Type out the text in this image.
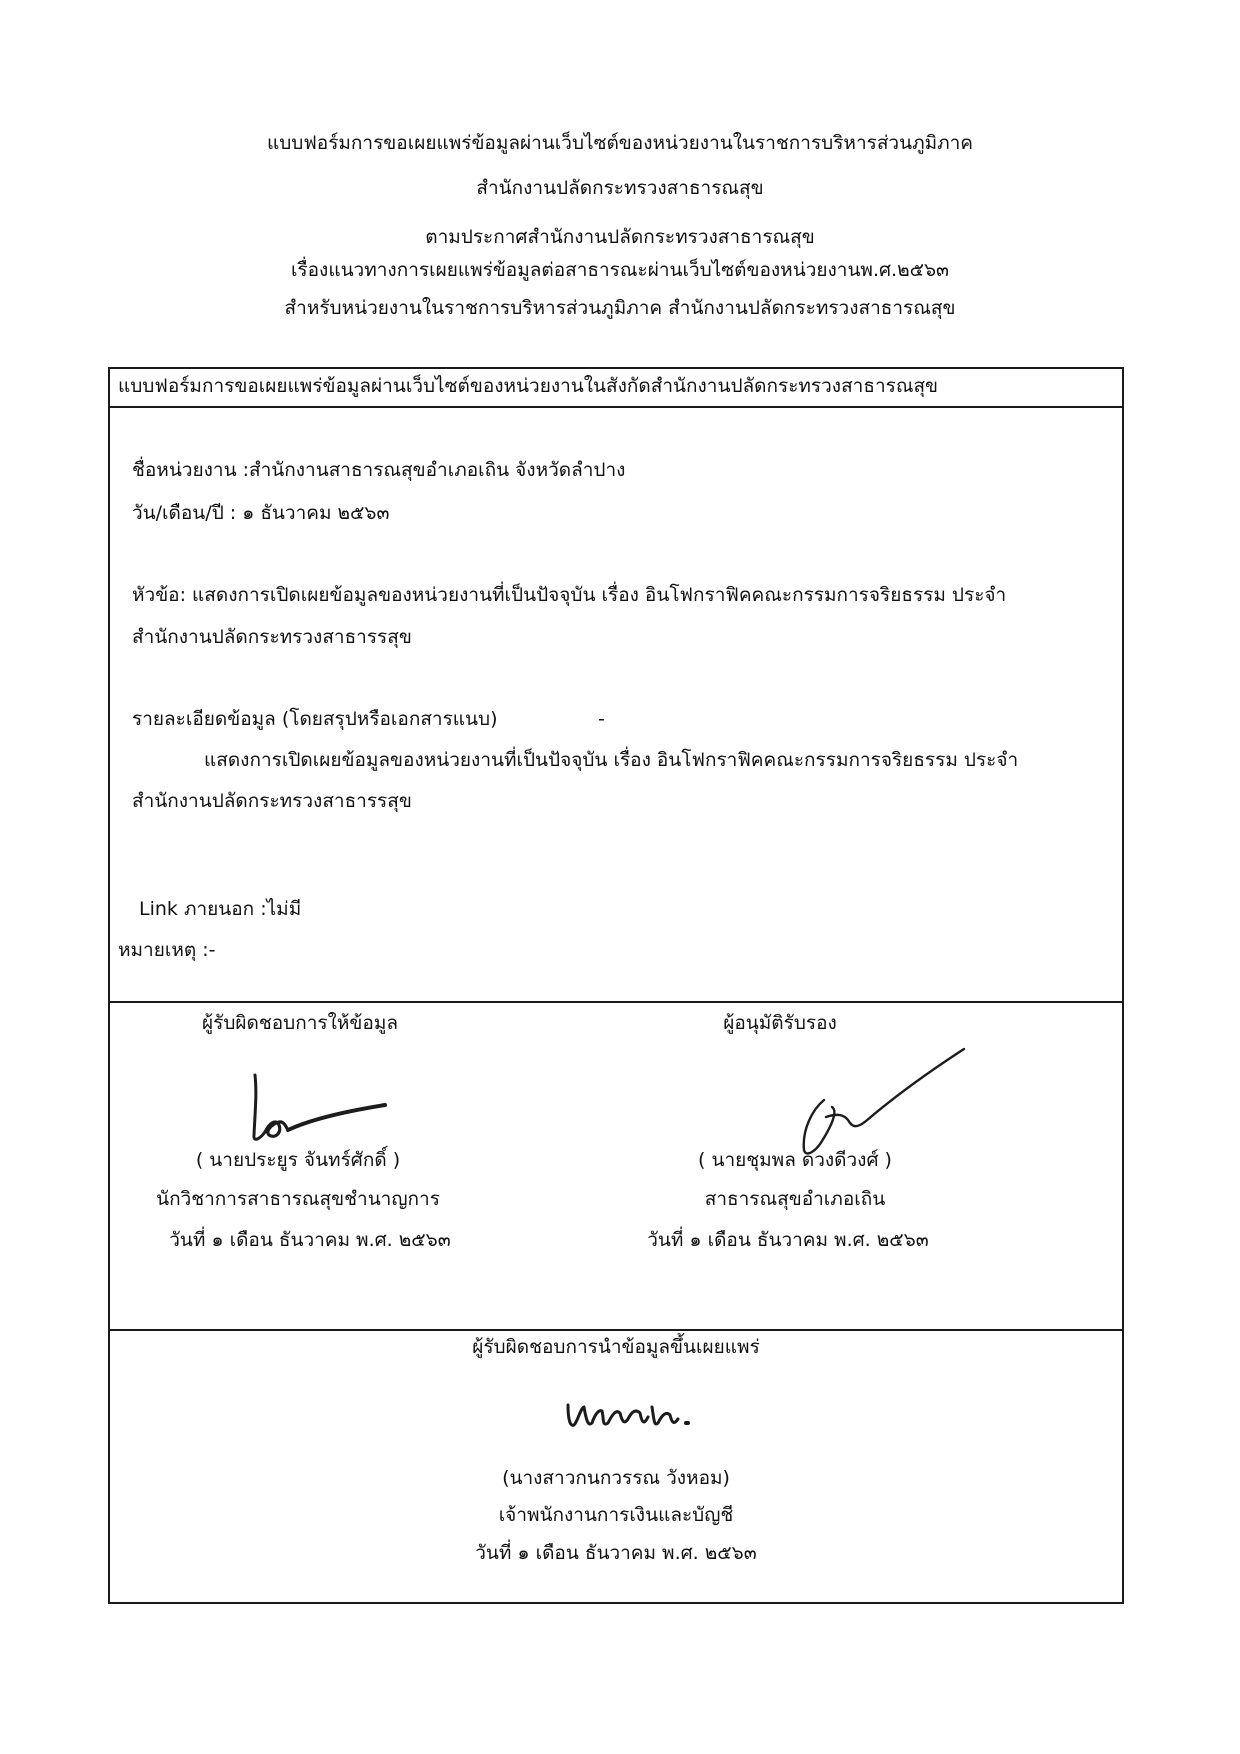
แบบฟอร์มการขอเผยแพร่ข้อมูลผ่านเว็บไซต์ของหน่วยงานในราชการบริหารส่วนภูมิภาค
สำนักงานปลัดกระทรวงสาธารณสุข
ตามประกาศสำนักงานปลัดกระทรวงสาธารณสุข
เรื่องแนวทางการเผยแพร่ข้อมูลต่อสาธารณะผ่านเว็บไซต์ของหน่วยงานพ.ศ.๒๕๖๓
สำหรับหน่วยงานในราชการบริหารส่วนภูมิภาค สำนักงานปลัดกระทรวงสาธารณสุข
แบบฟอร์มการขอเผยแพร่ข้อมูลผ่านเว็บไซต์ของหน่วยงานในสังกัดสำนักงานปลัดกระทรวงสาธารณสุข
ชื่อหน่วยงาน :สำนักงานสาธารณสุขอำเภอเถิน จังหวัดลำปาง
วัน/เดือน/ปี : ๑ ธันวาคม ๒๕๖๓
หัวข้อ: แสดงการเปิดเผยข้อมูลของหน่วยงานที่เป็นปัจจุบัน เรื่อง อินโฟกราฟิคคณะกรรมการจริยธรรม ประจำ
สำนักงานปลัดกระทรวงสาธารรสุข
รายละเอียดข้อมูล (โดยสรุปหรือเอกสารแนบ)	-
แสดงการเปิดเผยข้อมูลของหน่วยงานที่เป็นปัจจุบัน เรื่อง อินโฟกราฟิคคณะกรรมการจริยธรรม ประจำ
สำนักงานปลัดกระทรวงสาธารรสุข
Link ภายนอก :ไม่มี
หมายเหตุ :-
ผู้รับผิดชอบการให้ข้อมูล
( นายประยูร จันทร์ศักดิ์ )
นักวิชาการสาธารณสุขชำนาญการ
วันที่ ๑ เดือน ธันวาคม พ.ศ. ๒๕๖๓
ผู้อนุมัติรับรอง
( นายชุมพล ดวงดีวงศ์ )
สาธารณสุขอำเภอเถิน
วันที่ ๑ เดือน ธันวาคม พ.ศ. ๒๕๖๓
ผู้รับผิดชอบการนำข้อมูลขึ้นเผยแพร่
(นางสาวกนกวรรณ วังหอม)
เจ้าพนักงานการเงินและบัญชี
วันที่ ๑ เดือน ธันวาคม พ.ศ. ๒๕๖๓
